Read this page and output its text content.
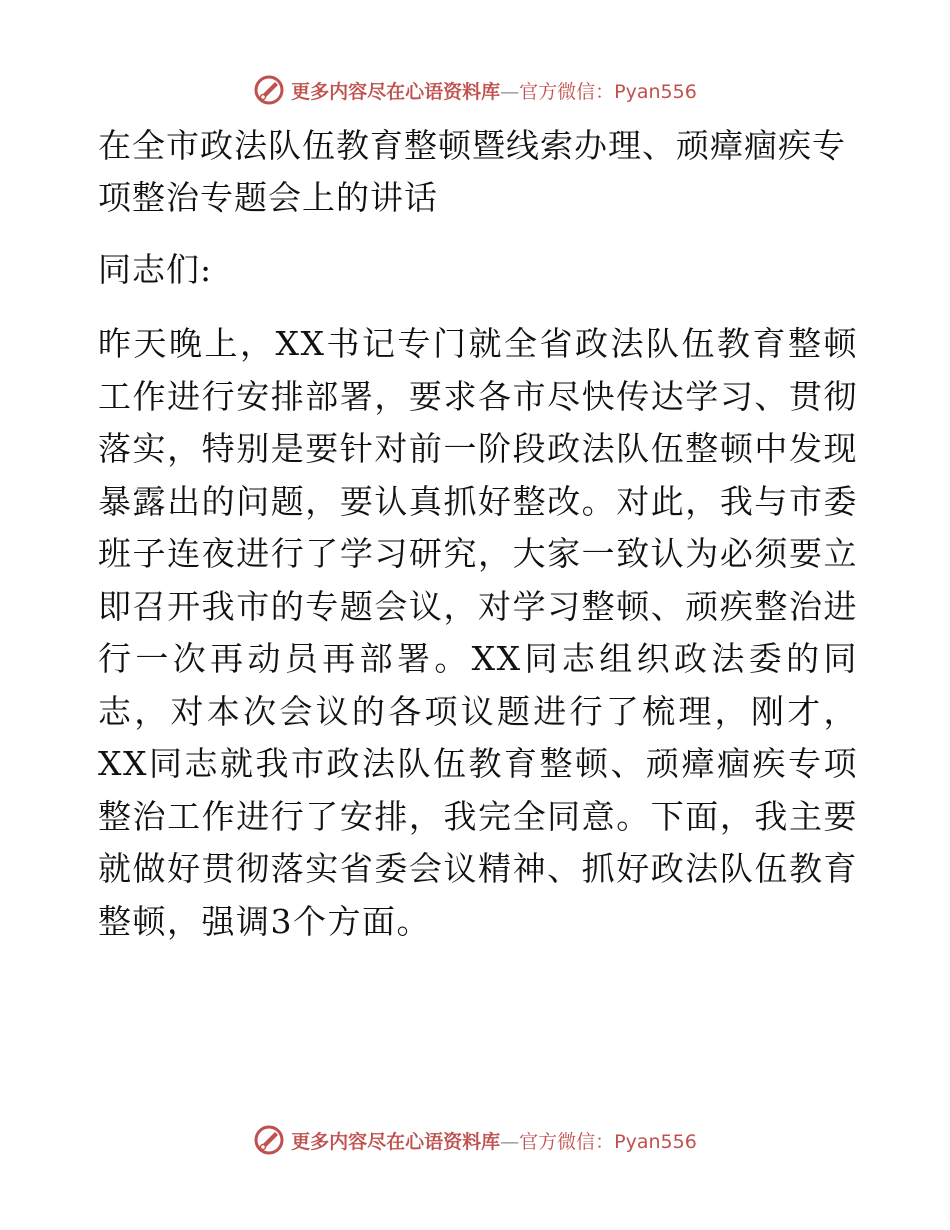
更多内容尽在心语资料库—官方微信：Pyan556
在全市政法队伍教育整顿暨线索办理、顽瘴痼疾专项整治专题会上的讲话

同志们:

昨天晚上，XX书记专门就全省政法队伍教育整顿工作进行安排部署，要求各市尽快传达学习、贯彻落实，特别是要针对前一阶段政法队伍整顿中发现暴露出的问题，要认真抓好整改。对此，我与市委班子连夜进行了学习研究，大家一致认为必须要立即召开我市的专题会议，对学习整顿、顽疾整治进行一次再动员再部署。XX同志组织政法委的同志，对本次会议的各项议题进行了梳理，刚才，XX同志就我市政法队伍教育整顿、顽瘴痼疾专项整治工作进行了安排，我完全同意。下面，我主要就做好贯彻落实省委会议精神、抓好政法队伍教育整顿，强调3个方面。

更多内容尽在心语资料库—官方微信：Pyan556
